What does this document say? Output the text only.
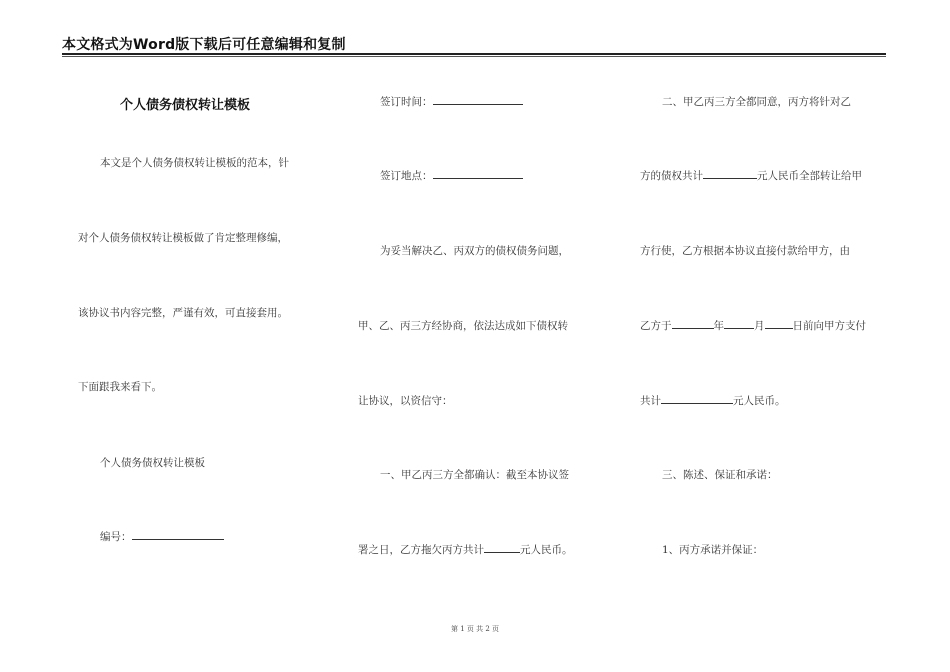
本文格式为Word版下载后可任意编辑和复制
个人债务债权转让模板
本文是个人债务债权转让模板的范本，针
对个人债务债权转让模板做了肯定整理修编，
该协议书内容完整，严谨有效，可直接套用。
下面跟我来看下。
个人债务债权转让模板
编号：
签订时间：
签订地点：
为妥当解决乙、丙双方的债权债务问题，
甲、乙、丙三方经协商，依法达成如下债权转
让协议，以资信守：
一、甲乙丙三方全都确认：截至本协议签
署之日，乙方拖欠丙方共计	元人民币。
二、甲乙丙三方全都同意，丙方将针对乙
方的债权共计	元人民币全部转让给甲
方行使，乙方根据本协议直接付款给甲方，由
乙方于	年	月	日前向甲方支付
共计	元人民币。
三、陈述、保证和承诺：
1、丙方承诺并保证：
第 1 页 共 2 页
